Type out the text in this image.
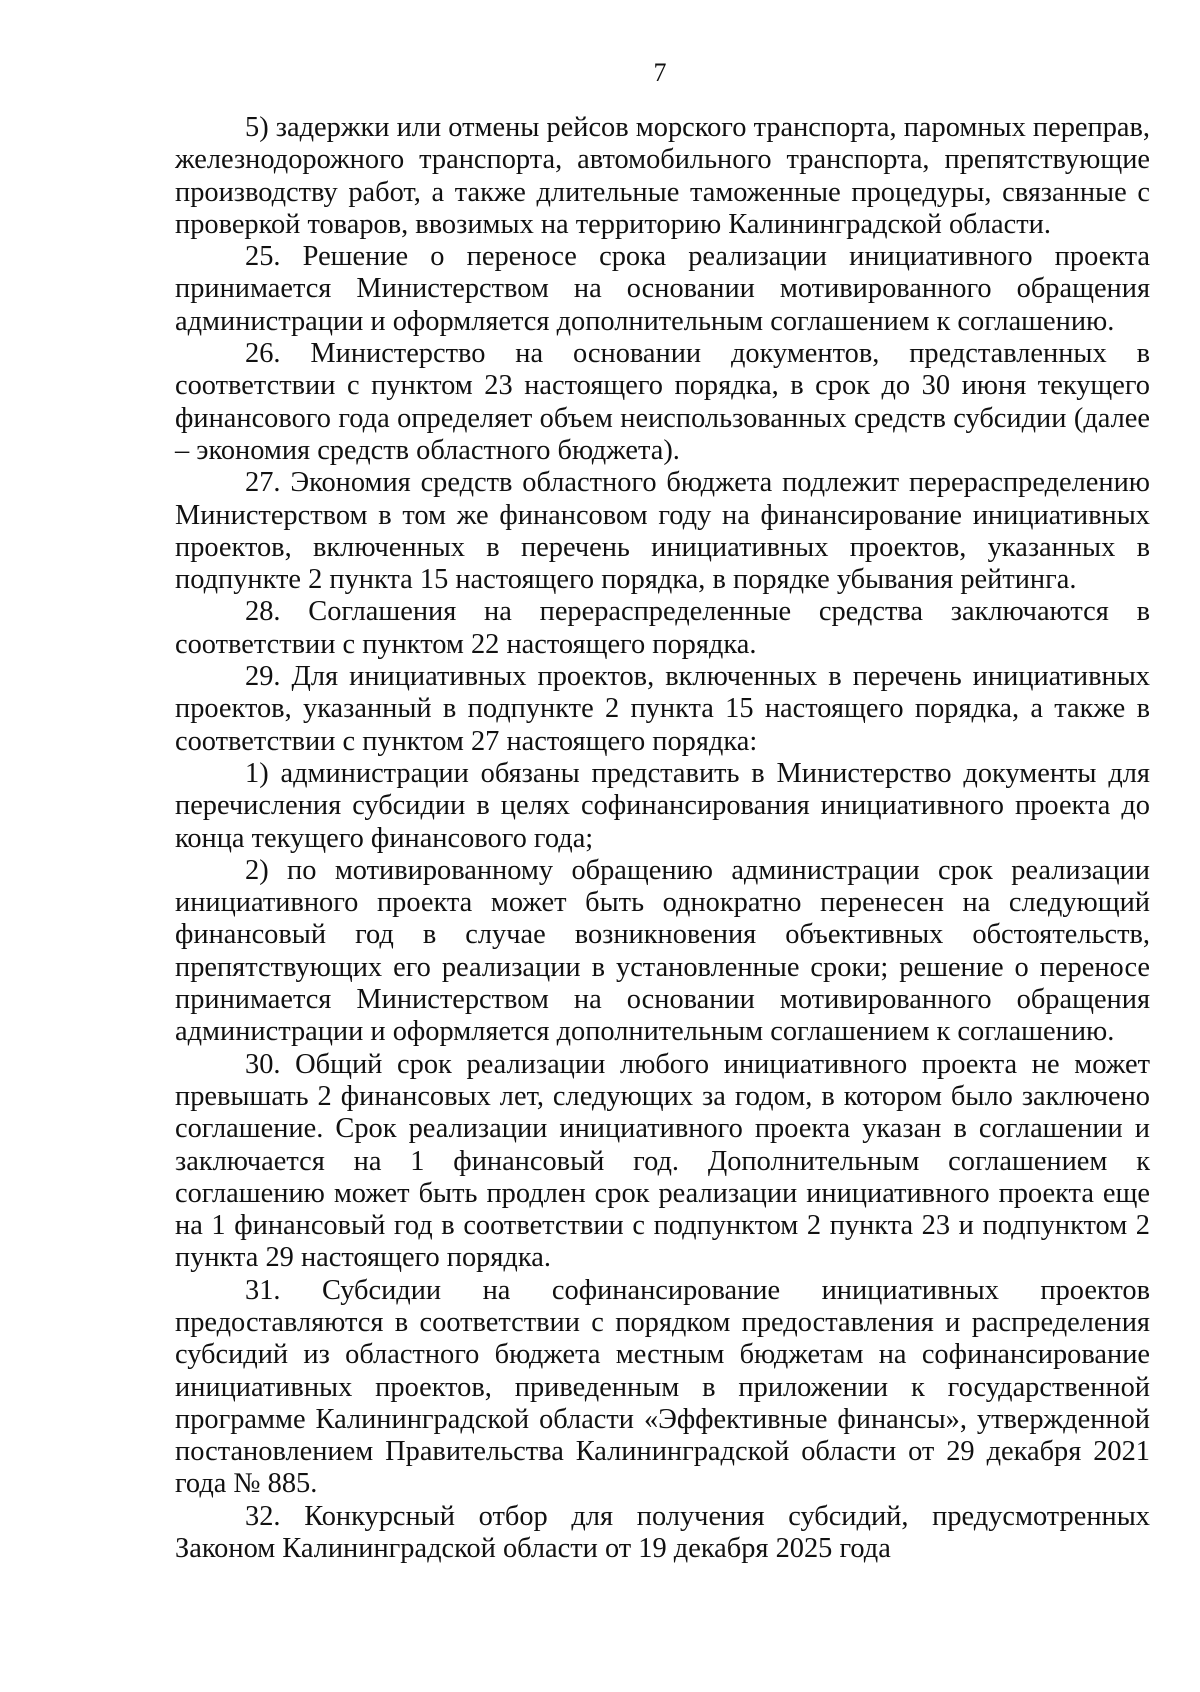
7

5) задержки или отмены рейсов морского транспорта, паромных переправ, железнодорожного транспорта, автомобильного транспорта, препятствующие производству работ, а также длительные таможенные процедуры, связанные с проверкой товаров, ввозимых на территорию Калининградской области.

25. Решение о переносе срока реализации инициативного проекта принимается Министерством на основании мотивированного обращения администрации и оформляется дополнительным соглашением к соглашению.

26. Министерство на основании документов, представленных в соответствии с пунктом 23 настоящего порядка, в срок до 30 июня текущего финансового года определяет объем неиспользованных средств субсидии (далее – экономия средств областного бюджета).

27. Экономия средств областного бюджета подлежит перераспределению Министерством в том же финансовом году на финансирование инициативных проектов, включенных в перечень инициативных проектов, указанных в подпункте 2 пункта 15 настоящего порядка, в порядке убывания рейтинга.

28. Соглашения на перераспределенные средства заключаются в соответствии с пунктом 22 настоящего порядка.

29. Для инициативных проектов, включенных в перечень инициативных проектов, указанный в подпункте 2 пункта 15 настоящего порядка, а также в соответствии с пунктом 27 настоящего порядка:

1) администрации обязаны представить в Министерство документы для перечисления субсидии в целях софинансирования инициативного проекта до конца текущего финансового года;

2) по мотивированному обращению администрации срок реализации инициативного проекта может быть однократно перенесен на следующий финансовый год в случае возникновения объективных обстоятельств, препятствующих его реализации в установленные сроки; решение о переносе принимается Министерством на основании мотивированного обращения администрации и оформляется дополнительным соглашением к соглашению.

30. Общий срок реализации любого инициативного проекта не может превышать 2 финансовых лет, следующих за годом, в котором было заключено соглашение. Срок реализации инициативного проекта указан в соглашении и заключается на 1 финансовый год. Дополнительным соглашением к соглашению может быть продлен срок реализации инициативного проекта еще на 1 финансовый год в соответствии с подпунктом 2 пункта 23 и подпунктом 2 пункта 29 настоящего порядка.

31. Субсидии на софинансирование инициативных проектов предоставляются в соответствии с порядком предоставления и распределения субсидий из областного бюджета местным бюджетам на софинансирование инициативных проектов, приведенным в приложении к государственной программе Калининградской области «Эффективные финансы», утвержденной постановлением Правительства Калининградской области от 29 декабря 2021 года № 885.

32. Конкурсный отбор для получения субсидий, предусмотренных Законом Калининградской области от 19 декабря 2025 года
